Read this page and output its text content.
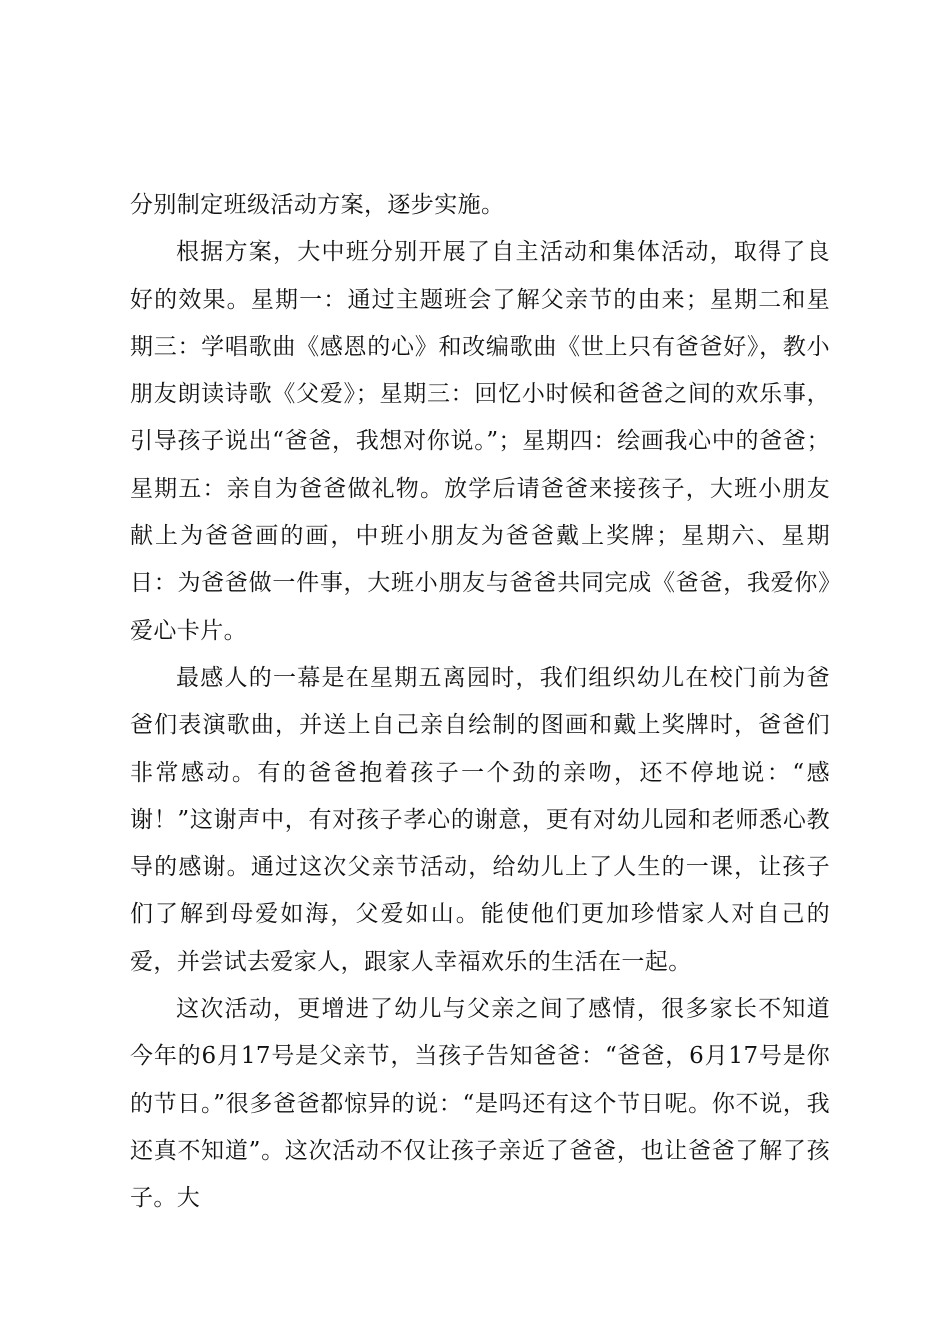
分别制定班级活动方案，逐步实施。

根据方案，大中班分别开展了自主活动和集体活动，取得了良好的效果。星期一：通过主题班会了解父亲节的由来；星期二和星期三：学唱歌曲《感恩的心》和改编歌曲《世上只有爸爸好》，教小朋友朗读诗歌《父爱》；星期三：回忆小时候和爸爸之间的欢乐事，引导孩子说出“爸爸，我想对你说。”；星期四：绘画我心中的爸爸；星期五：亲自为爸爸做礼物。放学后请爸爸来接孩子，大班小朋友献上为爸爸画的画，中班小朋友为爸爸戴上奖牌；星期六、星期日：为爸爸做一件事，大班小朋友与爸爸共同完成《爸爸，我爱你》爱心卡片。

最感人的一幕是在星期五离园时，我们组织幼儿在校门前为爸爸们表演歌曲，并送上自己亲自绘制的图画和戴上奖牌时，爸爸们非常感动。有的爸爸抱着孩子一个劲的亲吻，还不停地说：“感谢！”这谢声中，有对孩子孝心的谢意，更有对幼儿园和老师悉心教导的感谢。通过这次父亲节活动，给幼儿上了人生的一课，让孩子们了解到母爱如海，父爱如山。能使他们更加珍惜家人对自己的爱，并尝试去爱家人，跟家人幸福欢乐的生活在一起。

这次活动，更增进了幼儿与父亲之间了感情，很多家长不知道今年的6月17号是父亲节，当孩子告知爸爸：“爸爸，6月17号是你的节日。”很多爸爸都惊异的说：“是吗还有这个节日呢。你不说，我还真不知道”。这次活动不仅让孩子亲近了爸爸，也让爸爸了解了孩子。大
